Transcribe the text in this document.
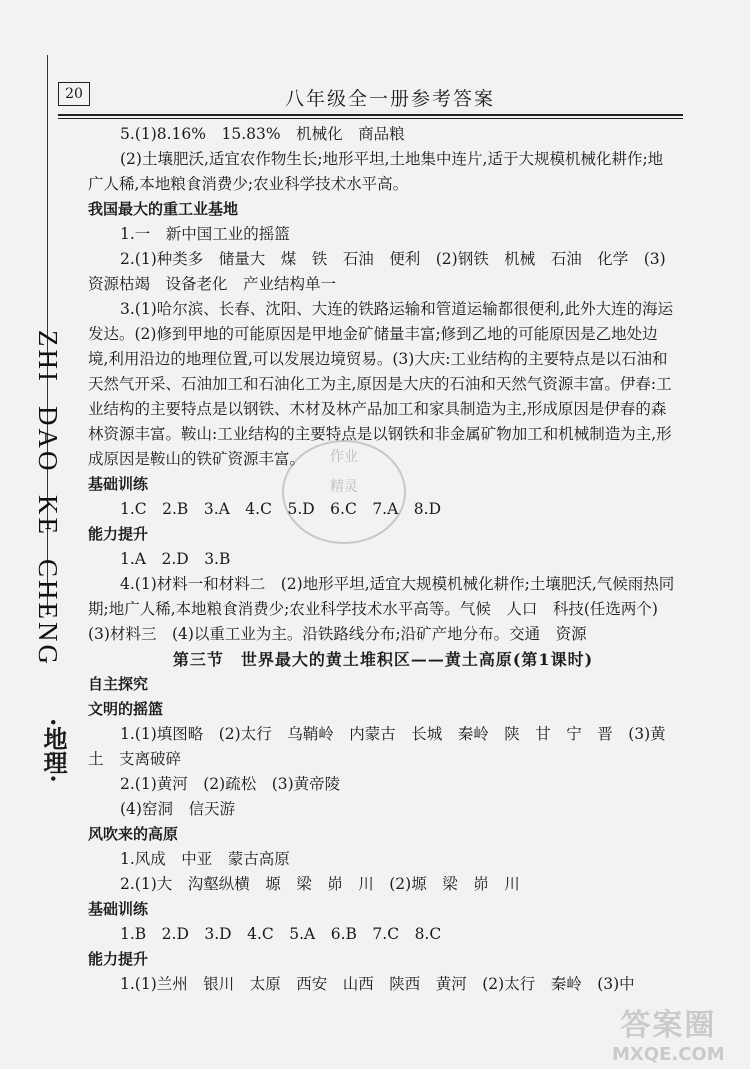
ZHI DAO KE CHENG
·地理·
20	八年级全一册参考答案
作业
精灵

5.(1)8.16%　15.83%　机械化　商品粮

(2)土壤肥沃,适宜农作物生长;地形平坦,土地集中连片,适于大规模机械化耕作;地广人稀,本地粮食消费少;农业科学技术水平高。

我国最大的重工业基地

1.一　新中国工业的摇篮

2.(1)种类多　储量大　煤　铁　石油　便利　(2)钢铁　机械　石油　化学　(3)资源枯竭　设备老化　产业结构单一

3.(1)哈尔滨、长春、沈阳、大连的铁路运输和管道运输都很便利,此外大连的海运发达。(2)修到甲地的可能原因是甲地金矿储量丰富;修到乙地的可能原因是乙地处边境,利用沿边的地理位置,可以发展边境贸易。(3)大庆:工业结构的主要特点是以石油和天然气开采、石油加工和石油化工为主,原因是大庆的石油和天然气资源丰富。伊春:工业结构的主要特点是以钢铁、木材及林产品加工和家具制造为主,形成原因是伊春的森林资源丰富。鞍山:工业结构的主要特点是以钢铁和非金属矿物加工和机械制造为主,形成原因是鞍山的铁矿资源丰富。

基础训练

1.C　2.B　3.A　4.C　5.D　6.C　7.A　8.D

能力提升

1.A　2.D　3.B

4.(1)材料一和材料二　(2)地形平坦,适宜大规模机械化耕作;土壤肥沃,气候雨热同期;地广人稀,本地粮食消费少;农业科学技术水平高等。气候　人口　科技(任选两个)　(3)材料三　(4)以重工业为主。沿铁路线分布;沿矿产地分布。交通　资源

第三节　世界最大的黄土堆积区——黄土高原(第1课时)

自主探究

文明的摇篮

1.(1)填图略　(2)太行　乌鞘岭　内蒙古　长城　秦岭　陕　甘　宁　晋　(3)黄土　支离破碎

2.(1)黄河　(2)疏松　(3)黄帝陵

(4)窑洞　信天游

风吹来的高原

1.风成　中亚　蒙古高原

2.(1)大　沟壑纵横　塬　梁　峁　川　(2)塬　梁　峁　川

基础训练

1.B　2.D　3.D　4.C　5.A　6.B　7.C　8.C

能力提升

1.(1)兰州　银川　太原　西安　山西　陕西　黄河　(2)太行　秦岭　(3)中

答案圈
MXQE.COM
